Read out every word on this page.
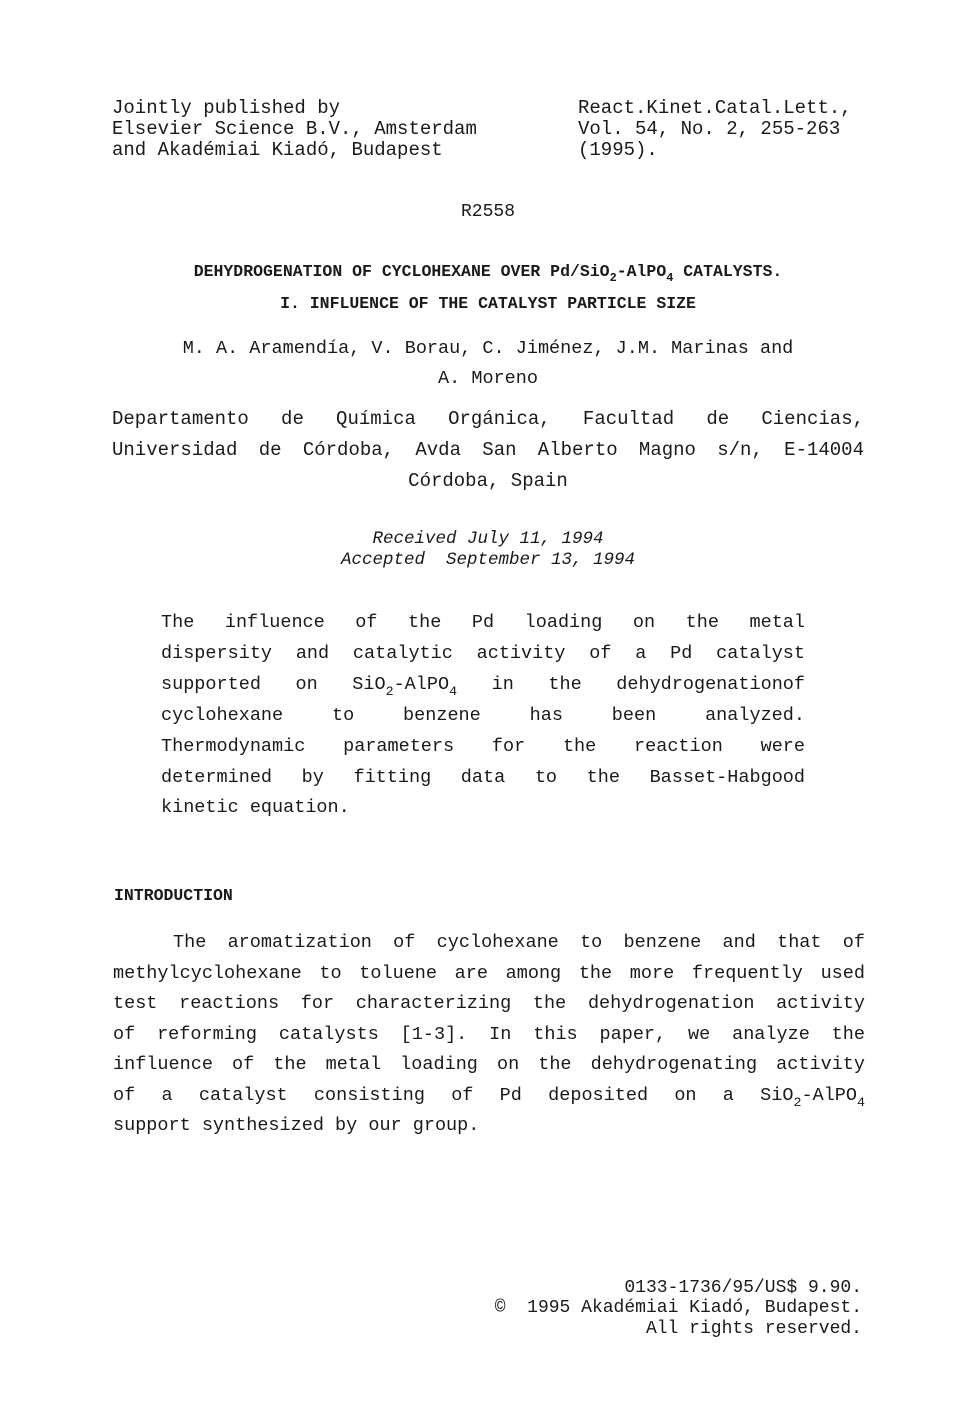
Jointly published by
Elsevier Science B.V., Amsterdam
and Akadémiai Kiadó, Budapest
React.Kinet.Catal.Lett.,
Vol. 54, No. 2, 255-263
(1995).
R2558
DEHYDROGENATION OF CYCLOHEXANE OVER Pd/SiO$_2$-AlPO$_4$ CATALYSTS.
I. INFLUENCE OF THE CATALYST PARTICLE SIZE
M. A. Aramendía, V. Borau, C. Jiménez, J.M. Marinas and
A. Moreno
Departamento de Química Orgánica, Facultad de Ciencias,
Universidad de Córdoba, Avda San Alberto Magno s/n, E-14004
Córdoba, Spain
Received July 11, 1994
Accepted  September 13, 1994
The influence of the Pd loading on the metal
dispersity and catalytic activity of a Pd catalyst
supported on SiO$_2$-AlPO$_4$ in the dehydrogenationof
cyclohexane to benzene has been analyzed.
Thermodynamic parameters for the reaction were
determined by fitting data to the Basset-Habgood
kinetic equation.
INTRODUCTION
The aromatization of cyclohexane to benzene and that of
methylcyclohexane to toluene are among the more frequently used
test reactions for characterizing the dehydrogenation activity
of reforming catalysts [1-3]. In this paper, we analyze the
influence of the metal loading on the dehydrogenating activity
of a catalyst consisting of Pd deposited on a SiO$_2$-AlPO$_4$
support synthesized by our group.
0133-1736/95/US$ 9.90.
©  1995 Akadémiai Kiadó, Budapest.
All rights reserved.
